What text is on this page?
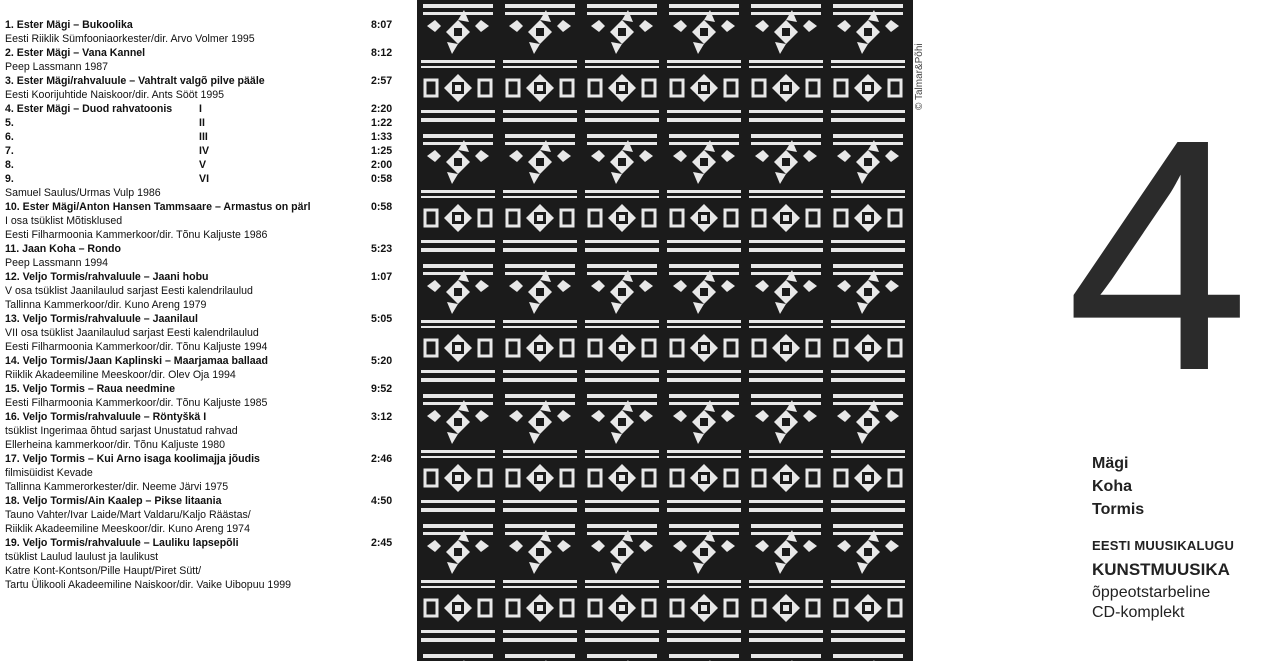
1. Ester Mägi – Bukoolika	8:07
Eesti Riiklik Sümfooniaorkester/dir. Arvo Volmer 1995
2. Ester Mägi – Vana Kannel	8:12
Peep Lassmann 1987
3. Ester Mägi/rahvaluule – Vahtralt valgõ pilve pääle	2:57
Eesti Koorijuhtide Naiskoor/dir. Ants Sööt 1995
4. Ester Mägi – Duod rahvatoonis	I	2:20
5.	II	1:22
6.	III	1:33
7.	IV	1:25
8.	V	2:00
9.	VI	0:58
Samuel Saulus/Urmas Vulp 1986
10. Ester Mägi/Anton Hansen Tammsaare – Armastus on pärl	0:58
I osa tsüklist Mõtisklused
Eesti Filharmoonia Kammerkoor/dir. Tõnu Kaljuste 1986
11. Jaan Koha – Rondo	5:23
Peep Lassmann 1994
12. Veljo Tormis/rahvaluule – Jaani hobu	1:07
V osa tsüklist Jaanilaulud sarjast Eesti kalendrilaulud
Tallinna Kammerkoor/dir. Kuno Areng 1979
13. Veljo Tormis/rahvaluule – Jaanilaul	5:05
VII osa tsüklist Jaanilaulud sarjast Eesti kalendrilaulud
Eesti Filharmoonia Kammerkoor/dir. Tõnu Kaljuste 1994
14. Veljo Tormis/Jaan Kaplinski – Maarjamaa ballaad	5:20
Riiklik Akadeemiline Meeskoor/dir. Olev Oja 1994
15. Veljo Tormis – Raua needmine	9:52
Eesti Filharmoonia Kammerkoor/dir. Tõnu Kaljuste 1985
16. Veljo Tormis/rahvaluule – Röntyškä I	3:12
tsüklist Ingerimaa õhtud sarjast Unustatud rahvad
Ellerheina kammerkoor/dir. Tõnu Kaljuste 1980
17. Veljo Tormis – Kui Arno isaga koolimajja jõudis	2:46
filmisüidist Kevade
Tallinna Kammerorkester/dir. Neeme Järvi 1975
18. Veljo Tormis/Ain Kaalep – Pikse litaania	4:50
Tauno Vahter/Ivar Laide/Mart Valdaru/Kaljo Räästas/
Riiklik Akadeemiline Meeskoor/dir. Kuno Areng 1974
19. Veljo Tormis/rahvaluule – Lauliku lapsepõli	2:45
tsüklist Laulud laulust ja laulikust
Katre Kont-Kontson/Pille Haupt/Piret Sütt/
Tartu Ülikooli Akadeemiline Naiskoor/dir. Vaike Uibopuu 1999
© Talmar&Põhi 4
Mägi
Koha
Tormis
EESTI MUUSIKALUGU
KUNSTMUUSIKA
õppeotstarbeline
CD-komplekt
